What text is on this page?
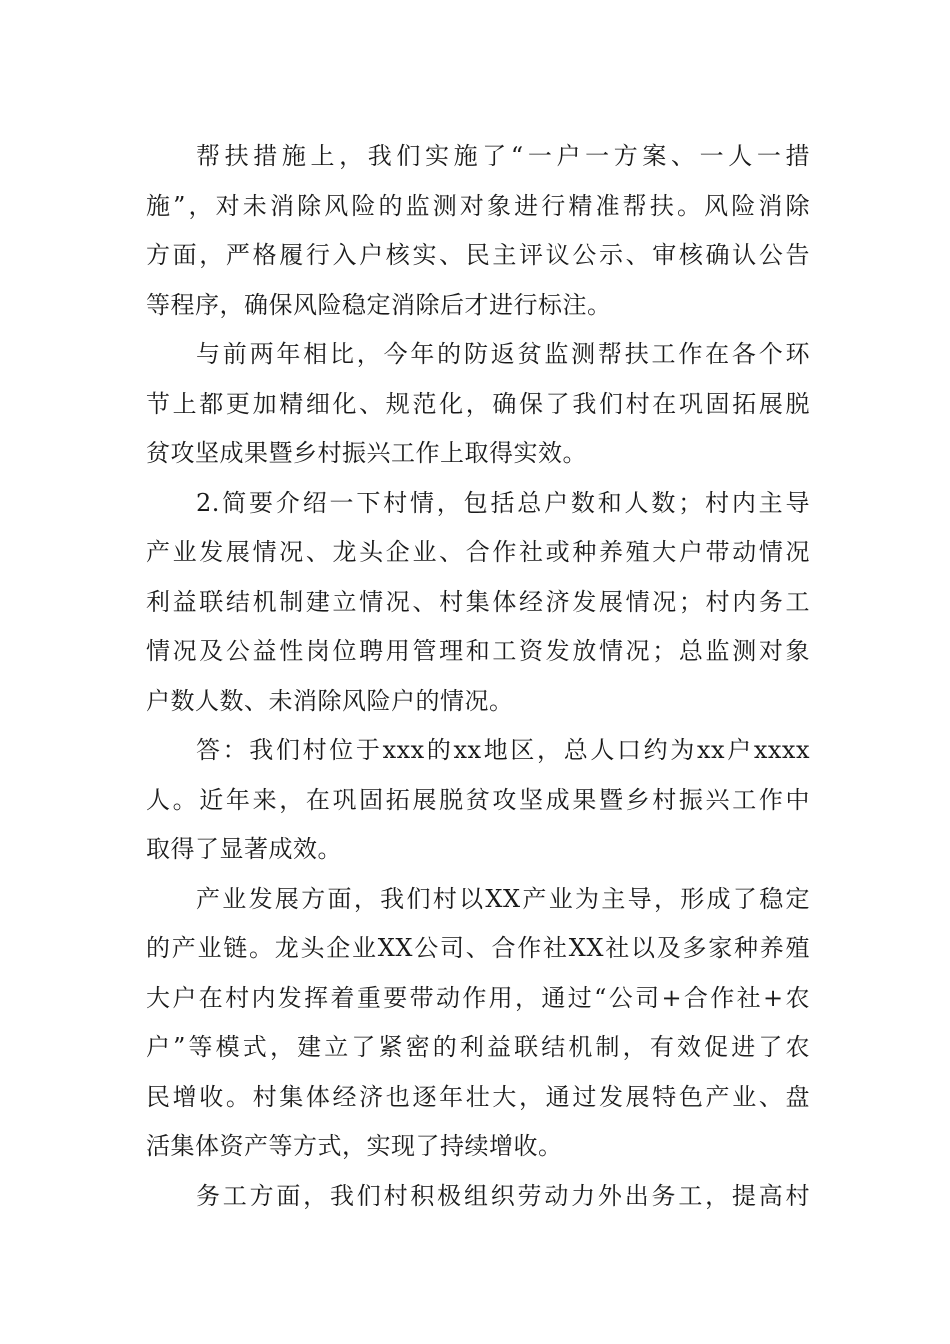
帮扶措施上，我们实施了“一户一方案、一人一措
施”，对未消除风险的监测对象进行精准帮扶。风险消除
方面，严格履行入户核实、民主评议公示、审核确认公告
等程序，确保风险稳定消除后才进行标注。
与前两年相比，今年的防返贫监测帮扶工作在各个环
节上都更加精细化、规范化，确保了我们村在巩固拓展脱
贫攻坚成果暨乡村振兴工作上取得实效。
2.简要介绍一下村情，包括总户数和人数；村内主导
产业发展情况、龙头企业、合作社或种养殖大户带动情况
利益联结机制建立情况、村集体经济发展情况；村内务工
情况及公益性岗位聘用管理和工资发放情况；总监测对象
户数人数、未消除风险户的情况。
答：我们村位于xxx的xx地区，总人口约为xx户xxxx
人。近年来，在巩固拓展脱贫攻坚成果暨乡村振兴工作中
取得了显著成效。
产业发展方面，我们村以XX产业为主导，形成了稳定
的产业链。龙头企业XX公司、合作社XX社以及多家种养殖
大户在村内发挥着重要带动作用，通过“公司+合作社+农
户”等模式，建立了紧密的利益联结机制，有效促进了农
民增收。村集体经济也逐年壮大，通过发展特色产业、盘
活集体资产等方式，实现了持续增收。
务工方面，我们村积极组织劳动力外出务工，提高村
